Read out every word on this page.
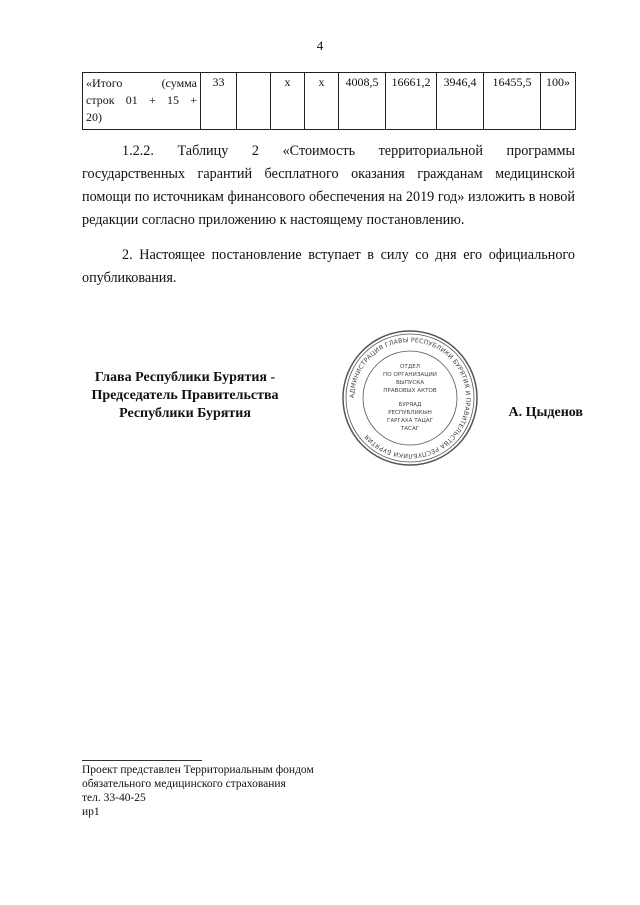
4
«Итого	(сумма
строк 01 + 15 +
20)
	33		x	x	4008,5	16661,2	3946,4	16455,5	100»

1.2.2. Таблицу 2 «Стоимость территориальной программы государственных гарантий бесплатного оказания гражданам медицинской помощи по источникам финансового обеспечения на 2019 год» изложить в новой редакции согласно приложению к настоящему постановлению.

2. Настоящее постановление вступает в силу со дня его официального опубликования.

Глава Республики Бурятия -
Председатель Правительства
Республики Бурятия
АДМИНИСТРАЦИЯ ГЛАВЫ РЕСПУБЛИКИ БУРЯТИЯ И ПРАВИТЕЛЬСТВА РЕСПУБЛИКИ БУРЯТИЯ
ОТДЕЛ
ПО ОРГАНИЗАЦИИ
ВЫПУСКА
ПРАВОВЫХ АКТОВ
БУРЯАД
РЕСПУБЛИКЫН
ГАРГАХА ТАЦАГ
ТАСАГ
А. Цыденов
Проект представлен Территориальным фондом
обязательного медицинского страхования
тел. 33-40-25
ир1
